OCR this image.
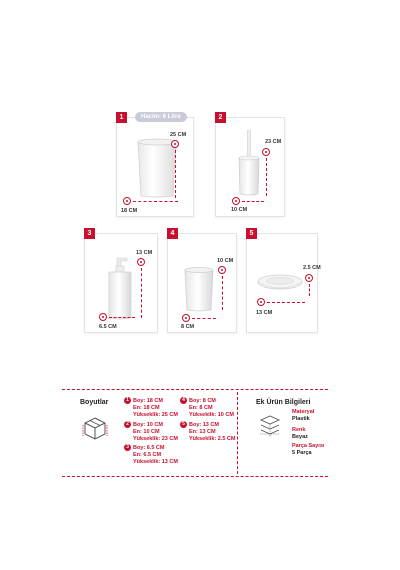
1	Hacim: 6 Litre
25 CM
18 CM
2
23 CM
10 CM
3
13 CM
6.5 CM
4
10 CM
8 CM
5
2.5 CM
13 CM
Boyutlar	1 Boy: 18 CM
En: 18 CM
Yükseklik: 25 CM
2 Boy: 10 CM
En: 10 CM
Yükseklik: 23 CM
3 Boy: 6.5 CM
En: 6.5 CM
Yükseklik: 13 CM
4 Boy: 8 CM
En: 8 CM
Yükseklik: 10 CM
5 Boy: 13 CM
En: 13 CM
Yükseklik: 2.5 CM
Ek Ürün Bilgileri
Materyal
Plastik
Renk
Beyaz
Parça Sayısı
5 Parça
